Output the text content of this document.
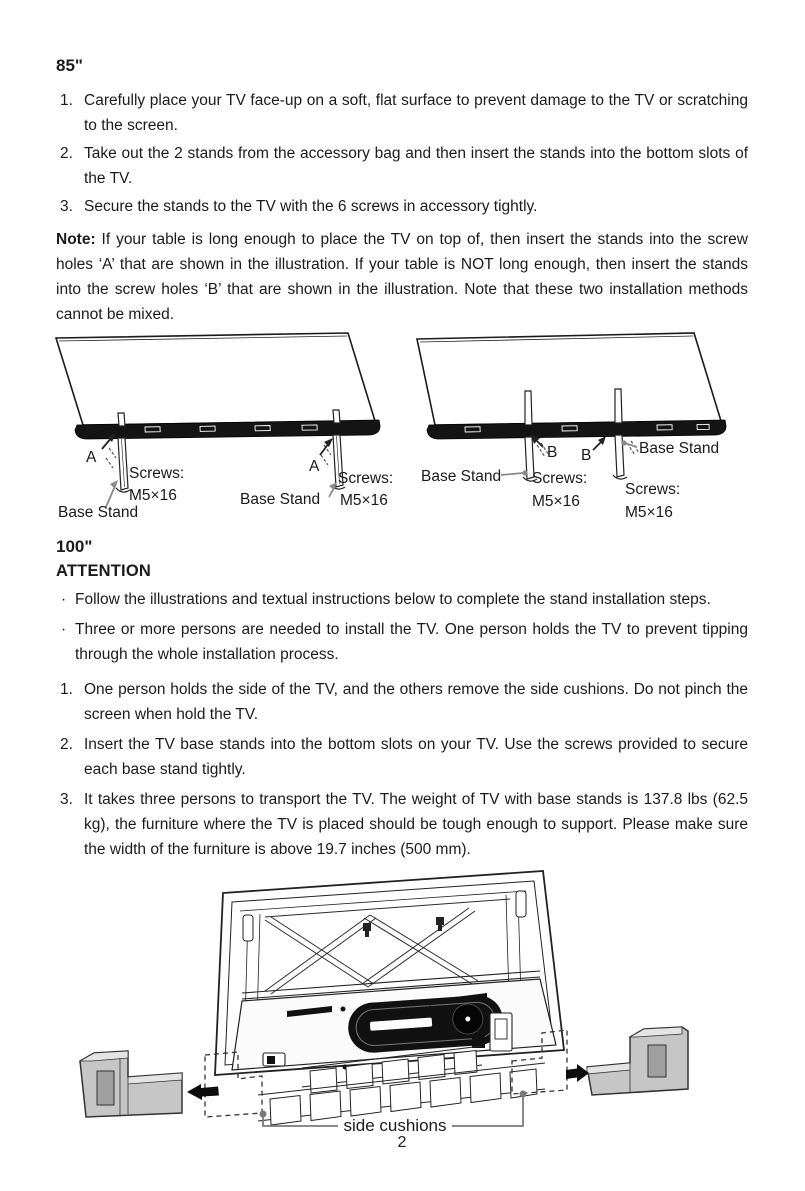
85"
1. Carefully place your TV face-up on a soft, flat surface to prevent damage to the TV or scratching to the screen.
2. Take out the 2 stands from the accessory bag and then insert the stands into the bottom slots of the TV.
3. Secure the stands to the TV with the 6 screws in accessory tightly.
Note: If your table is long enough to place the TV on top of, then insert the stands into the screw holes ‘A’ that are shown in the illustration. If your table is NOT long enough, then insert the stands into the screw holes ‘B’ that are shown in the illustration. Note that these two installation methods cannot be mixed.
A
Screws:
M5×16
Base Stand
A
Screws:
M5×16
Base Stand
B B	Base Stand
Base Stand Screws:
M5×16
Screws:
M5×16
100"
ATTENTION
· Follow the illustrations and textual instructions below to complete the stand installation steps.
· Three or more persons are needed to install the TV. One person holds the TV to prevent tipping through the whole installation process.
1. One person holds the side of the TV, and the others remove the side cushions. Do not pinch the screen when hold the TV.
2. Insert the TV base stands into the bottom slots on your TV. Use the screws provided to secure each base stand tightly.
3. It takes three persons to transport the TV. The weight of TV with base stands is 137.8 lbs (62.5 kg), the furniture where the TV is placed should be tough enough to support. Please make sure the width of the furniture is above 19.7 inches (500 mm).
side cushions
2
